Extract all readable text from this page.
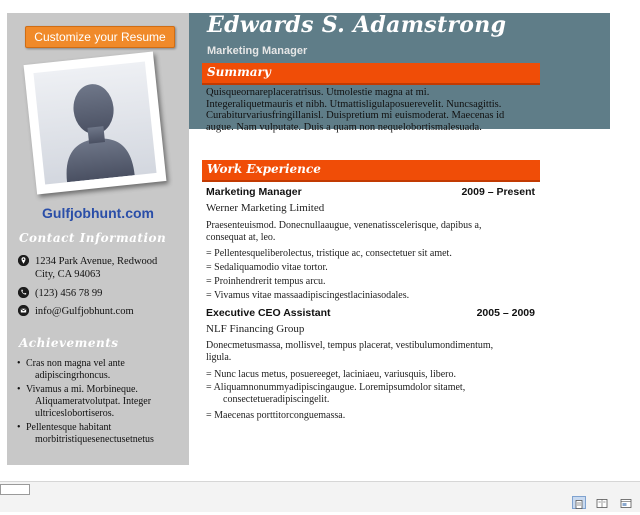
Customize your Resume
Gulfjobhunt.com
Contact Information
1234 Park Avenue, Redwood
City, CA 94063
(123) 456 78 99
info@Gulfjobhunt.com
Achievements
• Cras non magna vel ante
adipiscingrhoncus.
• Vivamus a mi. Morbineque.
Aliquameratvolutpat. Integer ultriceslobortiseros.
• Pellentesque habitant
morbitristiquesenectusetnetus
Edwards S. Adamstrong
Marketing Manager
Summary
Quisqueornareplaceratrisus. Utmolestie magna at mi.
Integeraliquetmauris et nibh. Utmattisligulaposuerevelit. Nuncsagittis.
Curabiturvariusfringillanisl. Duispretium mi euismoderat. Maecenas id
augue. Nam vulputate. Duis a quam non nequelobortismalesuada.
Work Experience
Marketing Manager	2009 – Present
Werner Marketing Limited
Praesenteuismod. Donecnullaaugue, venenatisscelerisque, dapibus a,
consequat at, leo.
= Pellentesqueliberolectus, tristique ac, consectetuer sit amet.
= Sedaliquamodio vitae tortor.
= Proinhendrerit tempus arcu.
= Vivamus vitae massaadipiscingestlaciniasodales.
Executive CEO Assistant	2005 – 2009
NLF Financing Group
Donecmetusmassa, mollisvel, tempus placerat, vestibulumondimentum,
ligula.
= Nunc lacus metus, posuereeget, laciniaeu, variusquis, libero.
= Aliquamnonummyadipiscingaugue. Loremipsumdolor sitamet,
consectetueradipiscingelit.
= Maecenas porttitorconguemassa.
